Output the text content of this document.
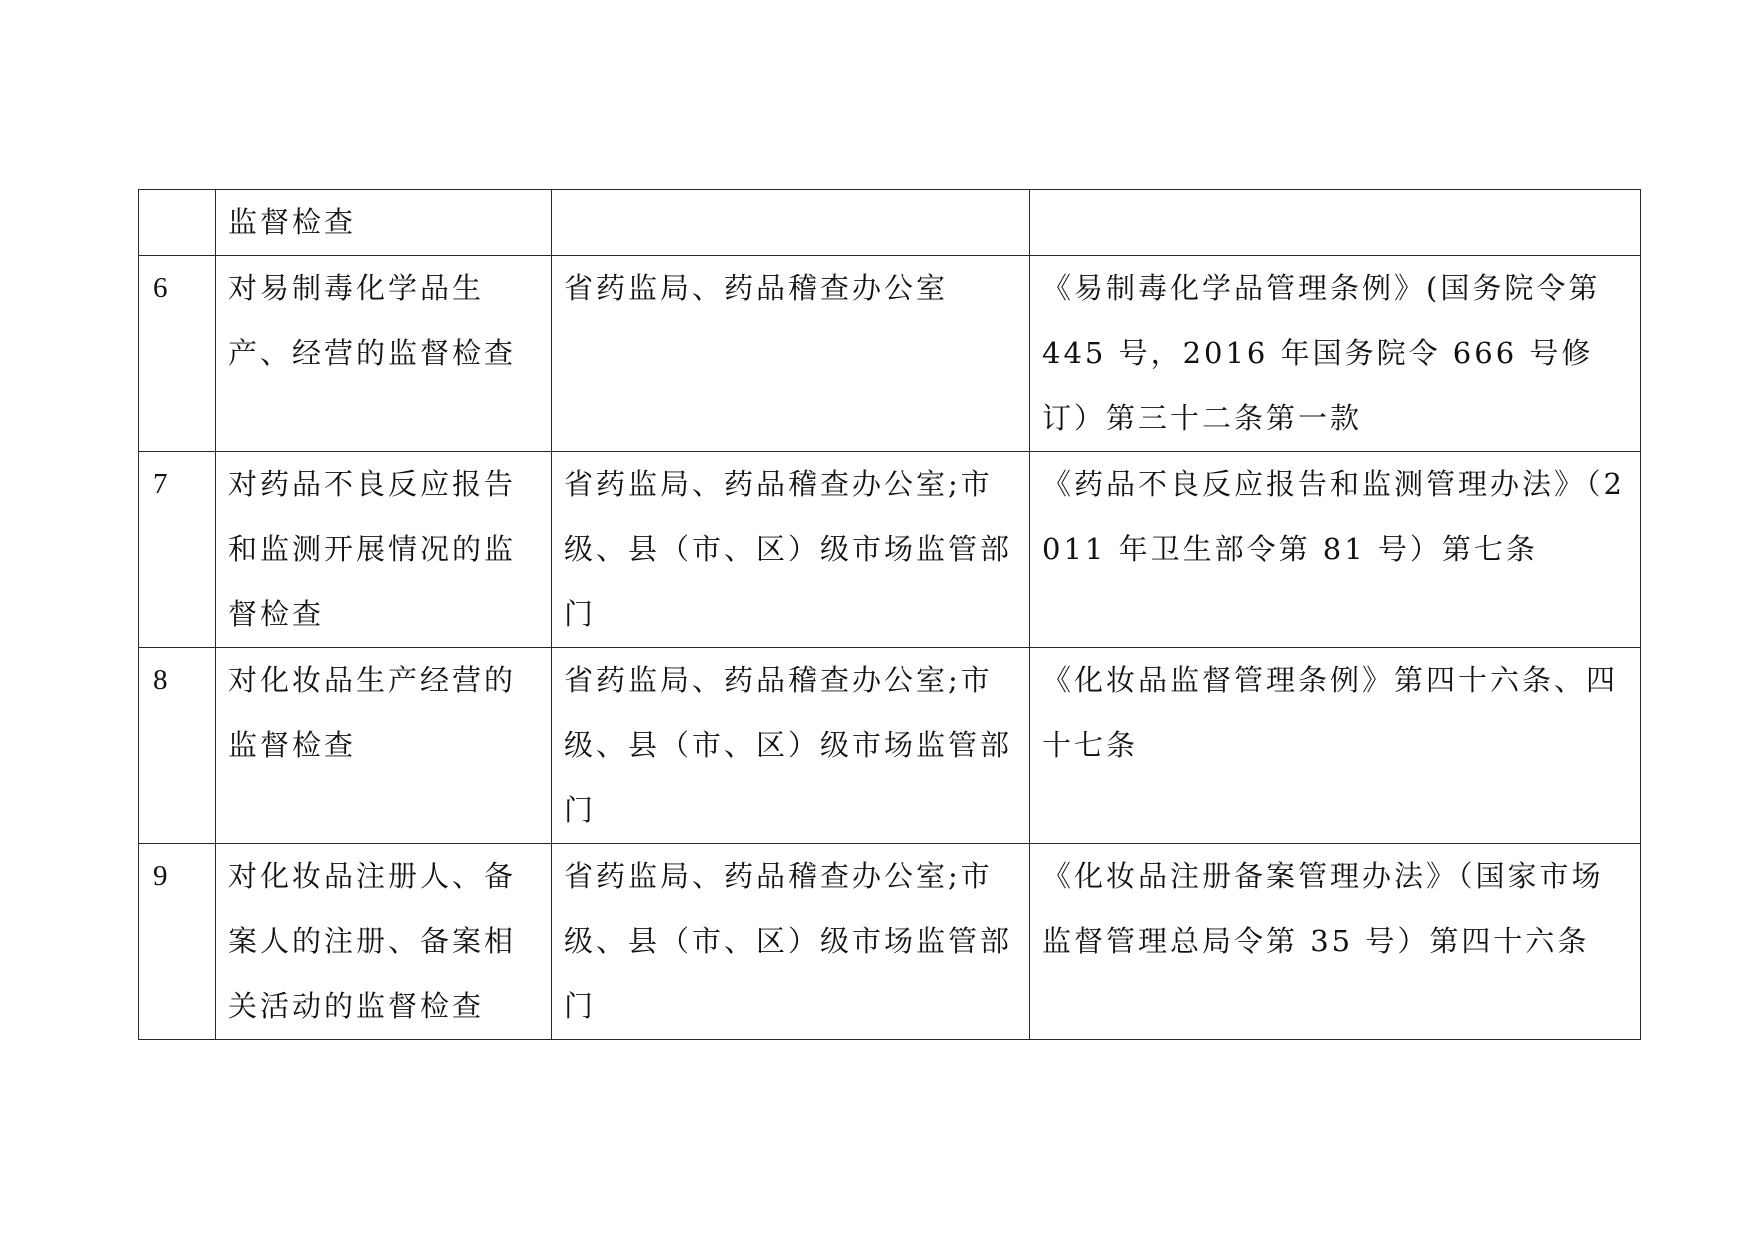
	监督检查		
6	对易制毒化学品生产、经营的监督检查	省药监局、药品稽查办公室	《易制毒化学品管理条例》(国务院令第 445 号，2016 年国务院令 666 号修订）第三十二条第一款
7	对药品不良反应报告和监测开展情况的监督检查	省药监局、药品稽查办公室;市级、县（市、区）级市场监管部门	《药品不良反应报告和监测管理办法》（2011 年卫生部令第 81 号）第七条
8	对化妆品生产经营的监督检查	省药监局、药品稽查办公室;市级、县（市、区）级市场监管部门	《化妆品监督管理条例》第四十六条、四十七条
9	对化妆品注册人、备案人的注册、备案相关活动的监督检查	省药监局、药品稽查办公室;市级、县（市、区）级市场监管部门	《化妆品注册备案管理办法》（国家市场监督管理总局令第 35 号）第四十六条
